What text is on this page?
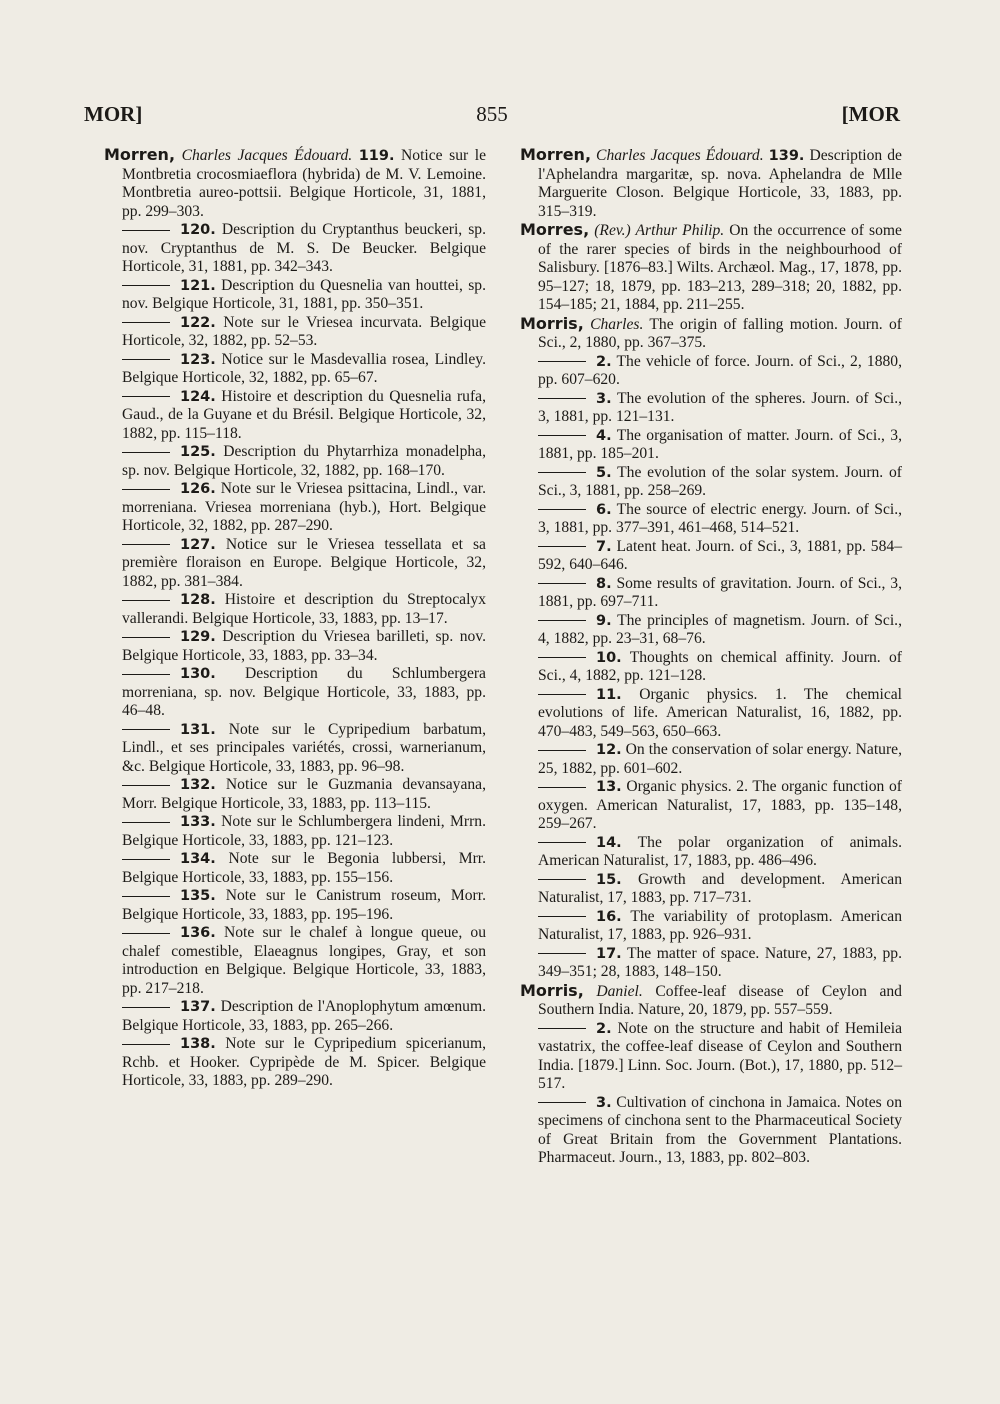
MOR]	855	[MOR

Morren, Charles Jacques Édouard. 119. Notice sur le Montbretia crocosmiaeflora (hybrida) de M. V. Lemoine. Montbretia aureo-pottsii. Belgique Horticole, 31, 1881, pp. 299–303.

120. Description du Cryptanthus beuckeri, sp. nov. Cryptanthus de M. S. De Beucker. Belgique Horticole, 31, 1881, pp. 342–343.

121. Description du Quesnelia van houttei, sp. nov. Belgique Horticole, 31, 1881, pp. 350–351.

122. Note sur le Vriesea incurvata. Belgique Horticole, 32, 1882, pp. 52–53.

123. Notice sur le Masdevallia rosea, Lindley. Belgique Horticole, 32, 1882, pp. 65–67.

124. Histoire et description du Quesnelia rufa, Gaud., de la Guyane et du Brésil. Belgique Horticole, 32, 1882, pp. 115–118.

125. Description du Phytarrhiza monadelpha, sp. nov. Belgique Horticole, 32, 1882, pp. 168–170.

126. Note sur le Vriesea psittacina, Lindl., var. morreniana. Vriesea morreniana (hyb.), Hort. Belgique Horticole, 32, 1882, pp. 287–290.

127. Notice sur le Vriesea tessellata et sa première floraison en Europe. Belgique Horticole, 32, 1882, pp. 381–384.

128. Histoire et description du Streptocalyx vallerandi. Belgique Horticole, 33, 1883, pp. 13–17.

129. Description du Vriesea barilleti, sp. nov. Belgique Horticole, 33, 1883, pp. 33–34.

130. Description du Schlumbergera morreniana, sp. nov. Belgique Horticole, 33, 1883, pp. 46–48.

131. Note sur le Cypripedium barbatum, Lindl., et ses principales variétés, crossi, warnerianum, &c. Belgique Horticole, 33, 1883, pp. 96–98.

132. Notice sur le Guzmania devansayana, Morr. Belgique Horticole, 33, 1883, pp. 113–115.

133. Note sur le Schlumbergera lindeni, Mrrn. Belgique Horticole, 33, 1883, pp. 121–123.

134. Note sur le Begonia lubbersi, Mrr. Belgique Horticole, 33, 1883, pp. 155–156.

135. Note sur le Canistrum roseum, Morr. Belgique Horticole, 33, 1883, pp. 195–196.

136. Note sur le chalef à longue queue, ou chalef comestible, Elaeagnus longipes, Gray, et son introduction en Belgique. Belgique Horticole, 33, 1883, pp. 217–218.

137. Description de l'Anoplophytum amœnum. Belgique Horticole, 33, 1883, pp. 265–266.

138. Note sur le Cypripedium spicerianum, Rchb. et Hooker. Cypripède de M. Spicer. Belgique Horticole, 33, 1883, pp. 289–290.

Morren, Charles Jacques Édouard. 139. Description de l'Aphelandra margaritæ, sp. nova. Aphelandra de Mlle Marguerite Closon. Belgique Horticole, 33, 1883, pp. 315–319.

Morres, (Rev.) Arthur Philip. On the occurrence of some of the rarer species of birds in the neighbourhood of Salisbury. [1876–83.] Wilts. Archæol. Mag., 17, 1878, pp. 95–127; 18, 1879, pp. 183–213, 289–318; 20, 1882, pp. 154–185; 21, 1884, pp. 211–255.

Morris, Charles. The origin of falling motion. Journ. of Sci., 2, 1880, pp. 367–375.

2. The vehicle of force. Journ. of Sci., 2, 1880, pp. 607–620.

3. The evolution of the spheres. Journ. of Sci., 3, 1881, pp. 121–131.

4. The organisation of matter. Journ. of Sci., 3, 1881, pp. 185–201.

5. The evolution of the solar system. Journ. of Sci., 3, 1881, pp. 258–269.

6. The source of electric energy. Journ. of Sci., 3, 1881, pp. 377–391, 461–468, 514–521.

7. Latent heat. Journ. of Sci., 3, 1881, pp. 584–592, 640–646.

8. Some results of gravitation. Journ. of Sci., 3, 1881, pp. 697–711.

9. The principles of magnetism. Journ. of Sci., 4, 1882, pp. 23–31, 68–76.

10. Thoughts on chemical affinity. Journ. of Sci., 4, 1882, pp. 121–128.

11. Organic physics. 1. The chemical evolutions of life. American Naturalist, 16, 1882, pp. 470–483, 549–563, 650–663.

12. On the conservation of solar energy. Nature, 25, 1882, pp. 601–602.

13. Organic physics. 2. The organic function of oxygen. American Naturalist, 17, 1883, pp. 135–148, 259–267.

14. The polar organization of animals. American Naturalist, 17, 1883, pp. 486–496.

15. Growth and development. American Naturalist, 17, 1883, pp. 717–731.

16. The variability of protoplasm. American Naturalist, 17, 1883, pp. 926–931.

17. The matter of space. Nature, 27, 1883, pp. 349–351; 28, 1883, 148–150.

Morris, Daniel. Coffee-leaf disease of Ceylon and Southern India. Nature, 20, 1879, pp. 557–559.

2. Note on the structure and habit of Hemileia vastatrix, the coffee-leaf disease of Ceylon and Southern India. [1879.] Linn. Soc. Journ. (Bot.), 17, 1880, pp. 512–517.

3. Cultivation of cinchona in Jamaica. Notes on specimens of cinchona sent to the Pharmaceutical Society of Great Britain from the Government Plantations. Pharmaceut. Journ., 13, 1883, pp. 802–803.
